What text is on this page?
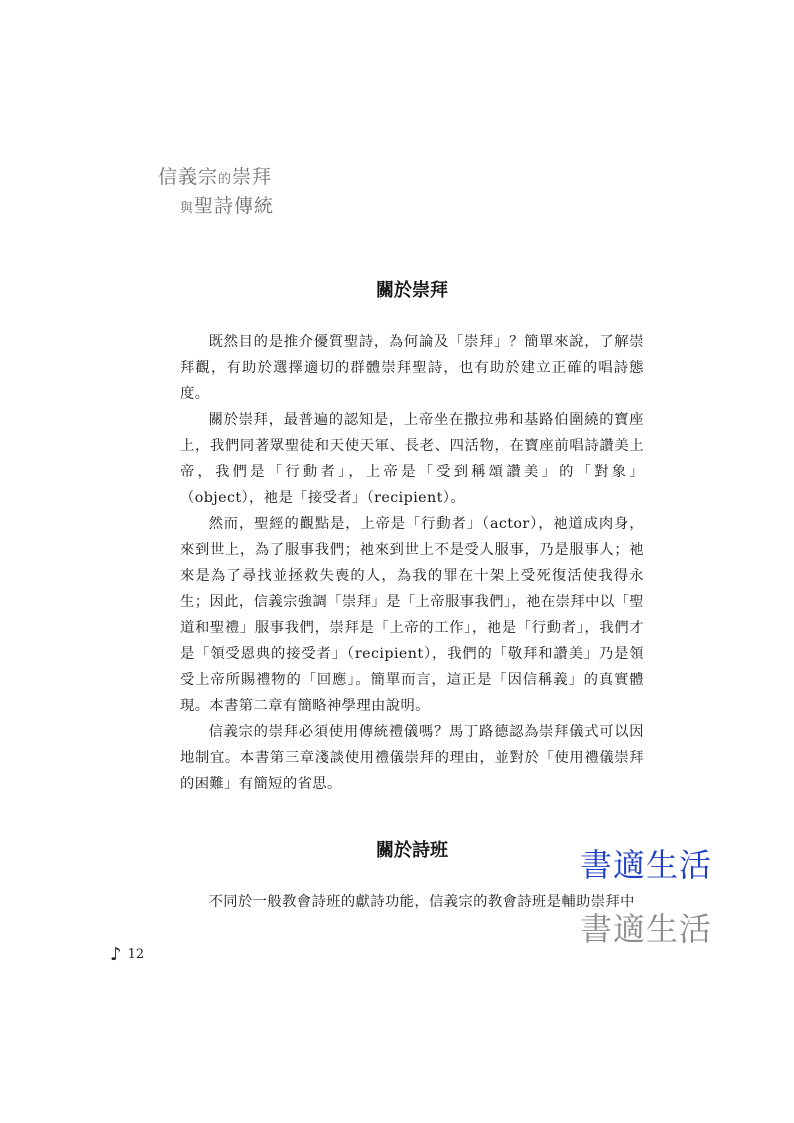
信義宗的崇拜
與聖詩傳統
關於崇拜

既然目的是推介優質聖詩，為何論及「崇拜」？簡單來說，了解崇拜觀，有助於選擇適切的群體崇拜聖詩，也有助於建立正確的唱詩態度。

關於崇拜，最普遍的認知是，上帝坐在撒拉弗和基路伯圍繞的寶座上，我們同著眾聖徒和天使天軍、長老、四活物，在寶座前唱詩讚美上帝，我們是「行動者」，上帝是「受到稱頌讚美」的「對象」（object），祂是「接受者」（recipient）。

然而，聖經的觀點是，上帝是「行動者」（actor），祂道成肉身，來到世上，為了服事我們；祂來到世上不是受人服事，乃是服事人；祂來是為了尋找並拯救失喪的人，為我的罪在十架上受死復活使我得永生；因此，信義宗強調「崇拜」是「上帝服事我們」，祂在崇拜中以「聖道和聖禮」服事我們，崇拜是「上帝的工作」，祂是「行動者」，我們才是「領受恩典的接受者」（recipient），我們的「敬拜和讚美」乃是領受上帝所賜禮物的「回應」。簡單而言，這正是「因信稱義」的真實體現。本書第二章有簡略神學理由說明。

信義宗的崇拜必須使用傳統禮儀嗎？馬丁路德認為崇拜儀式可以因地制宜。本書第三章淺談使用禮儀崇拜的理由，並對於「使用禮儀崇拜的困難」有簡短的省思。

關於詩班

不同於一般教會詩班的獻詩功能，信義宗的教會詩班是輔助崇拜中

書適生活
書適生活
♪ 12
